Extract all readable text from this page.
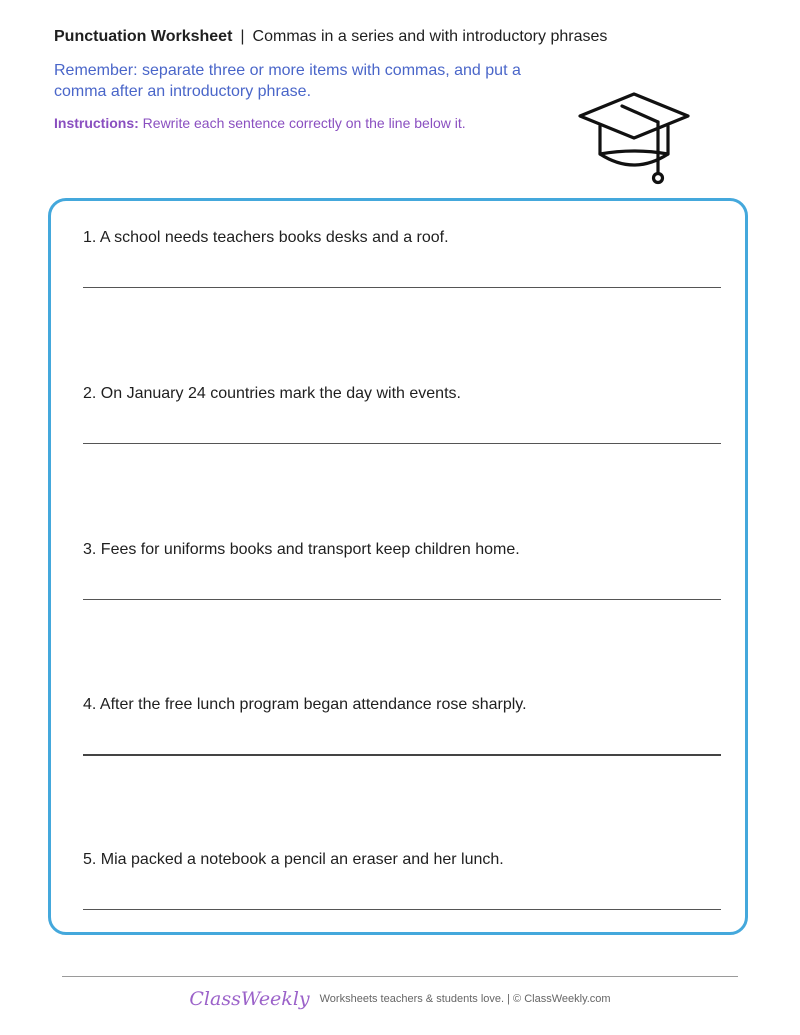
Punctuation Worksheet | Commas in a series and with introductory phrases
Remember: separate three or more items with commas, and put a comma after an introductory phrase.
Instructions: Rewrite each sentence correctly on the line below it.
1. A school needs teachers books desks and a roof.
2. On January 24 countries mark the day with events.
3. Fees for uniforms books and transport keep children home.
4. After the free lunch program began attendance rose sharply.
5. Mia packed a notebook a pencil an eraser and her lunch.
ClassWeekly Worksheets teachers & students love. | © ClassWeekly.com
